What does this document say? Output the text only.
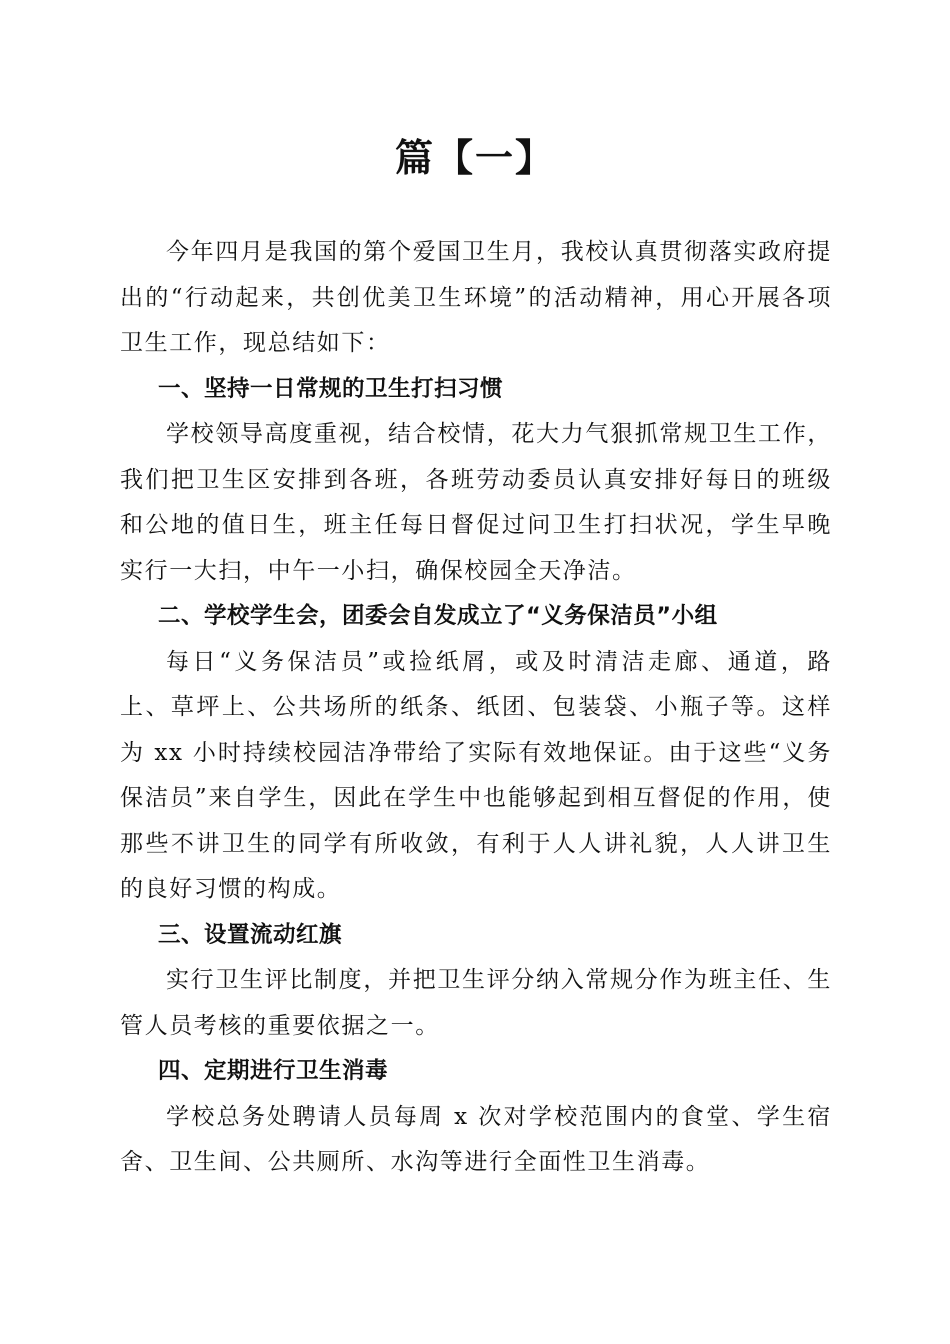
篇【一】

今年四月是我国的第个爱国卫生月，我校认真贯彻落实政府提出的“行动起来，共创优美卫生环境”的活动精神，用心开展各项卫生工作，现总结如下：

一、坚持一日常规的卫生打扫习惯

学校领导高度重视，结合校情，花大力气狠抓常规卫生工作，我们把卫生区安排到各班，各班劳动委员认真安排好每日的班级和公地的值日生，班主任每日督促过问卫生打扫状况，学生早晚实行一大扫，中午一小扫，确保校园全天净洁。

二、学校学生会，团委会自发成立了“义务保洁员”小组

每日“义务保洁员”或捡纸屑，或及时清洁走廊、通道，路上、草坪上、公共场所的纸条、纸团、包装袋、小瓶子等。这样为 xx 小时持续校园洁净带给了实际有效地保证。由于这些“义务保洁员”来自学生，因此在学生中也能够起到相互督促的作用，使那些不讲卫生的同学有所收敛，有利于人人讲礼貌，人人讲卫生的良好习惯的构成。

三、设置流动红旗

实行卫生评比制度，并把卫生评分纳入常规分作为班主任、生管人员考核的重要依据之一。

四、定期进行卫生消毒

学校总务处聘请人员每周 x 次对学校范围内的食堂、学生宿舍、卫生间、公共厕所、水沟等进行全面性卫生消毒。
